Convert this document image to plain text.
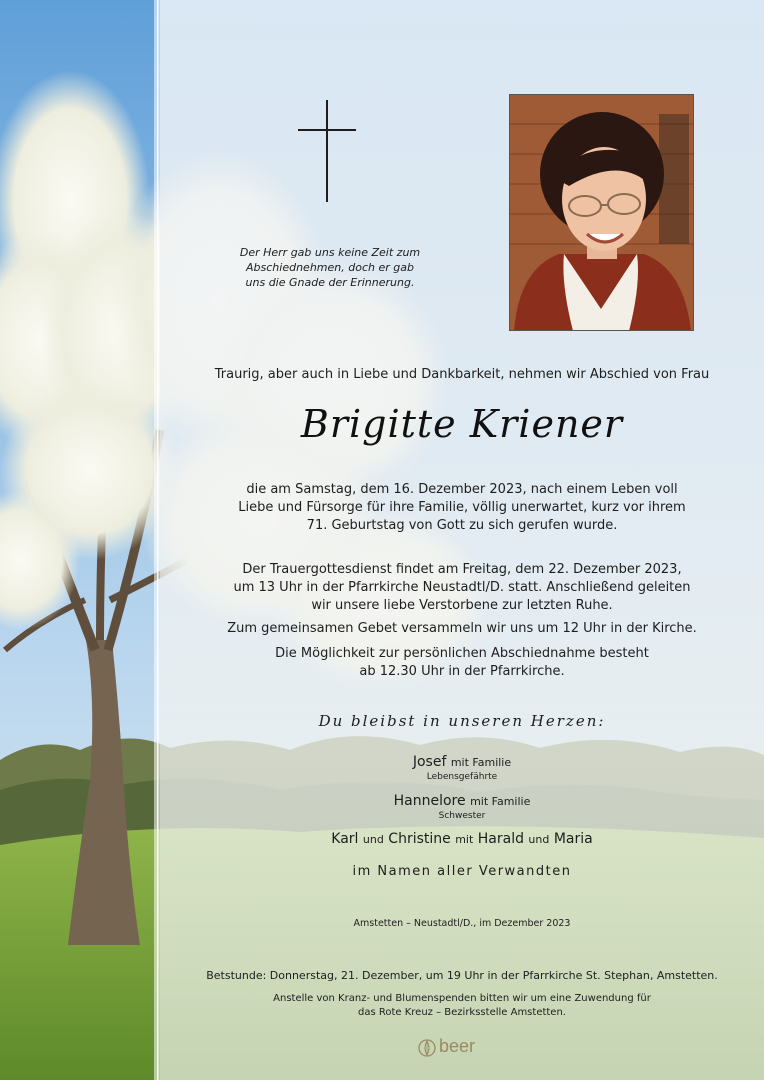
Der Herr gab uns keine Zeit zum
Abschiednehmen, doch er gab
uns die Gnade der Erinnerung.
Traurig, aber auch in Liebe und Dankbarkeit, nehmen wir Abschied von Frau
Brigitte Kriener
die am Samstag, dem 16. Dezember 2023, nach einem Leben voll
Liebe und Fürsorge für ihre Familie, völlig unerwartet, kurz vor ihrem
71. Geburtstag von Gott zu sich gerufen wurde.
Der Trauergottesdienst findet am Freitag, dem 22. Dezember 2023,
um 13 Uhr in der Pfarrkirche Neustadtl/D. statt. Anschließend geleiten
wir unsere liebe Verstorbene zur letzten Ruhe.
Zum gemeinsamen Gebet versammeln wir uns um 12 Uhr in der Kirche.
Die Möglichkeit zur persönlichen Abschiednahme besteht
ab 12.30 Uhr in der Pfarrkirche.
Du bleibst in unseren Herzen:
Josef mit Familie
Lebensgefährte
Hannelore mit Familie
Schwester
Karl und Christine mit Harald und Maria
im Namen aller Verwandten
Amstetten – Neustadtl/D., im Dezember 2023
Betstunde: Donnerstag, 21. Dezember, um 19 Uhr in der Pfarrkirche St. Stephan, Amstetten.
Anstelle von Kranz- und Blumenspenden bitten wir um eine Zuwendung für
das Rote Kreuz – Bezirksstelle Amstetten.
beer
